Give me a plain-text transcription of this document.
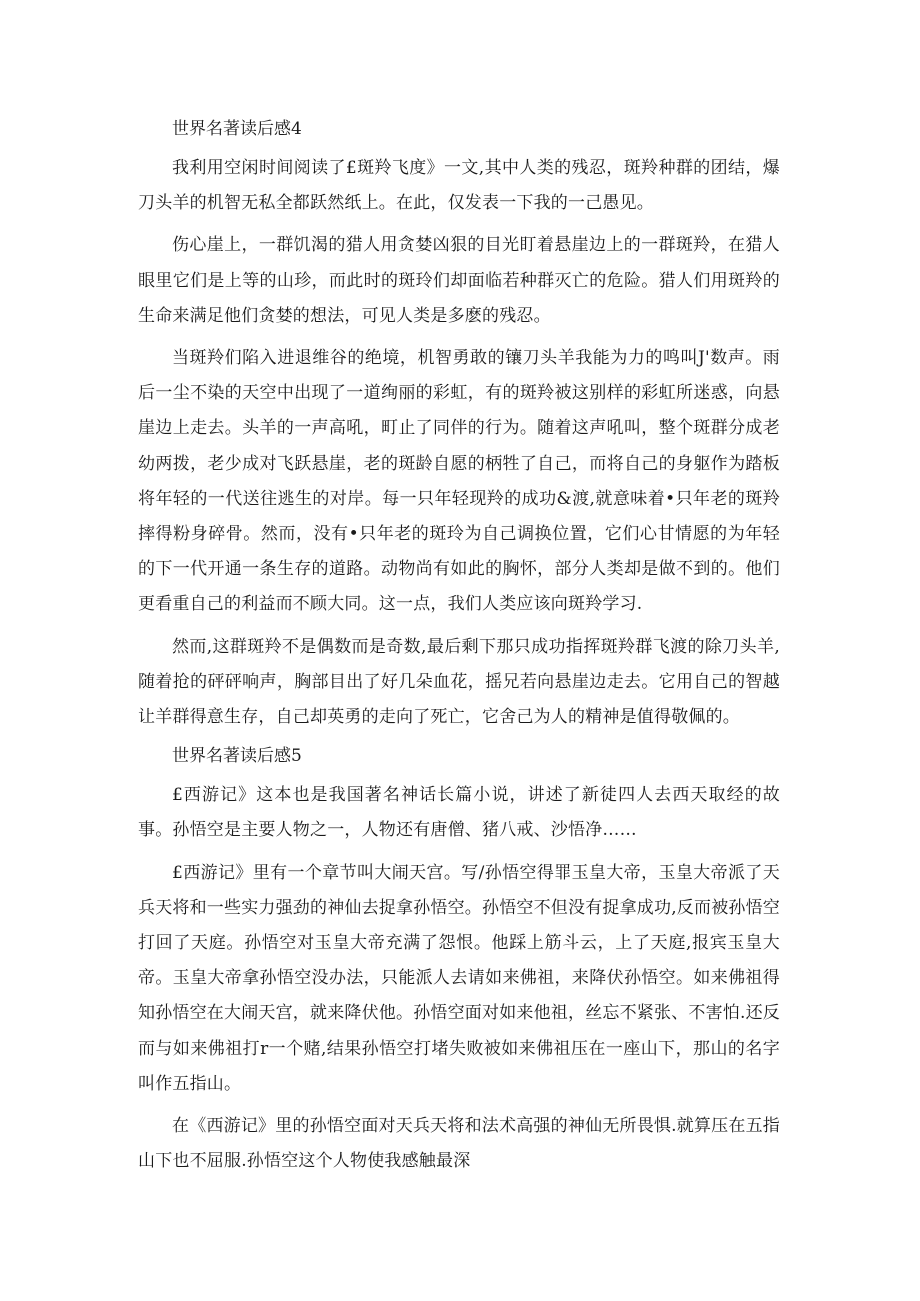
世界名著读后感4

我利用空闲时间阅读了£斑羚飞度》一文,其中人类的残忍，斑羚种群的团结，爆刀头羊的机智无私全都跃然纸上。在此，仅发表一下我的一己愚见。

伤心崖上，一群饥渴的猎人用贪婪凶狠的目光盯着悬崖边上的一群斑羚，在猎人眼里它们是上等的山珍，而此时的斑玲们却面临若种群灭亡的危险。猎人们用斑羚的生命来满足他们贪婪的想法，可见人类是多麽的残忍。

当斑羚们陷入进退维谷的绝境，机智勇敢的镶刀头羊我能为力的鸣叫J'数声。雨后一尘不染的天空中出现了一道绚丽的彩虹，有的斑羚被这别样的彩虹所迷惑，向悬崖边上走去。头羊的一声高吼，町止了同伴的行为。随着这声吼叫，整个斑群分成老幼两拨，老少成对飞跃悬崖，老的斑龄自愿的柄牲了自己，而将自己的身躯作为踏板将年轻的一代送往逃生的对岸。每一只年轻现羚的成功&渡,就意味着•只年老的斑羚摔得粉身碎骨。然而，没有•只年老的斑玲为自己调换位置，它们心甘情愿的为年轻的下一代开通一条生存的道路。动物尚有如此的胸怀，部分人类却是做不到的。他们更看重自己的利益而不顾大同。这一点，我们人类应该向斑羚学习.

然而,这群斑羚不是偶数而是奇数,最后剩下那只成功指挥斑羚群飞渡的除刀头羊,随着抢的砰砰响声，胸部目出了好几朵血花，摇兄若向悬崖边走去。它用自己的智越让羊群得意生存，自己却英勇的走向了死亡，它舍己为人的精神是值得敬佩的。

世界名著读后感5

£西游记》这本也是我国著名神话长篇小说，讲述了新徒四人去西天取经的故事。孙悟空是主要人物之一，人物还有唐僧、猪八戒、沙悟净……

£西游记》里有一个章节叫大闹天宫。写/孙悟空得罪玉皇大帝，玉皇大帝派了天兵天将和一些实力强劲的神仙去捉拿孙悟空。孙悟空不但没有捉拿成功,反而被孙悟空打回了天庭。孙悟空对玉皇大帝充满了怨恨。他踩上筋斗云，上了天庭,报宾玉皇大帝。玉皇大帝拿孙悟空没办法，只能派人去请如来佛祖，来降伏孙悟空。如来佛祖得知孙悟空在大闹天宫，就来降伏他。孙悟空面对如来他祖，丝忘不紧张、不害怕.还反而与如来佛祖打r一个赌,结果孙悟空打堵失败被如来佛祖压在一座山下，那山的名字叫作五指山。

在《西游记》里的孙悟空面对天兵天将和法术高强的神仙无所畏惧.就算压在五指山下也不屈服.孙悟空这个人物使我感触最深
